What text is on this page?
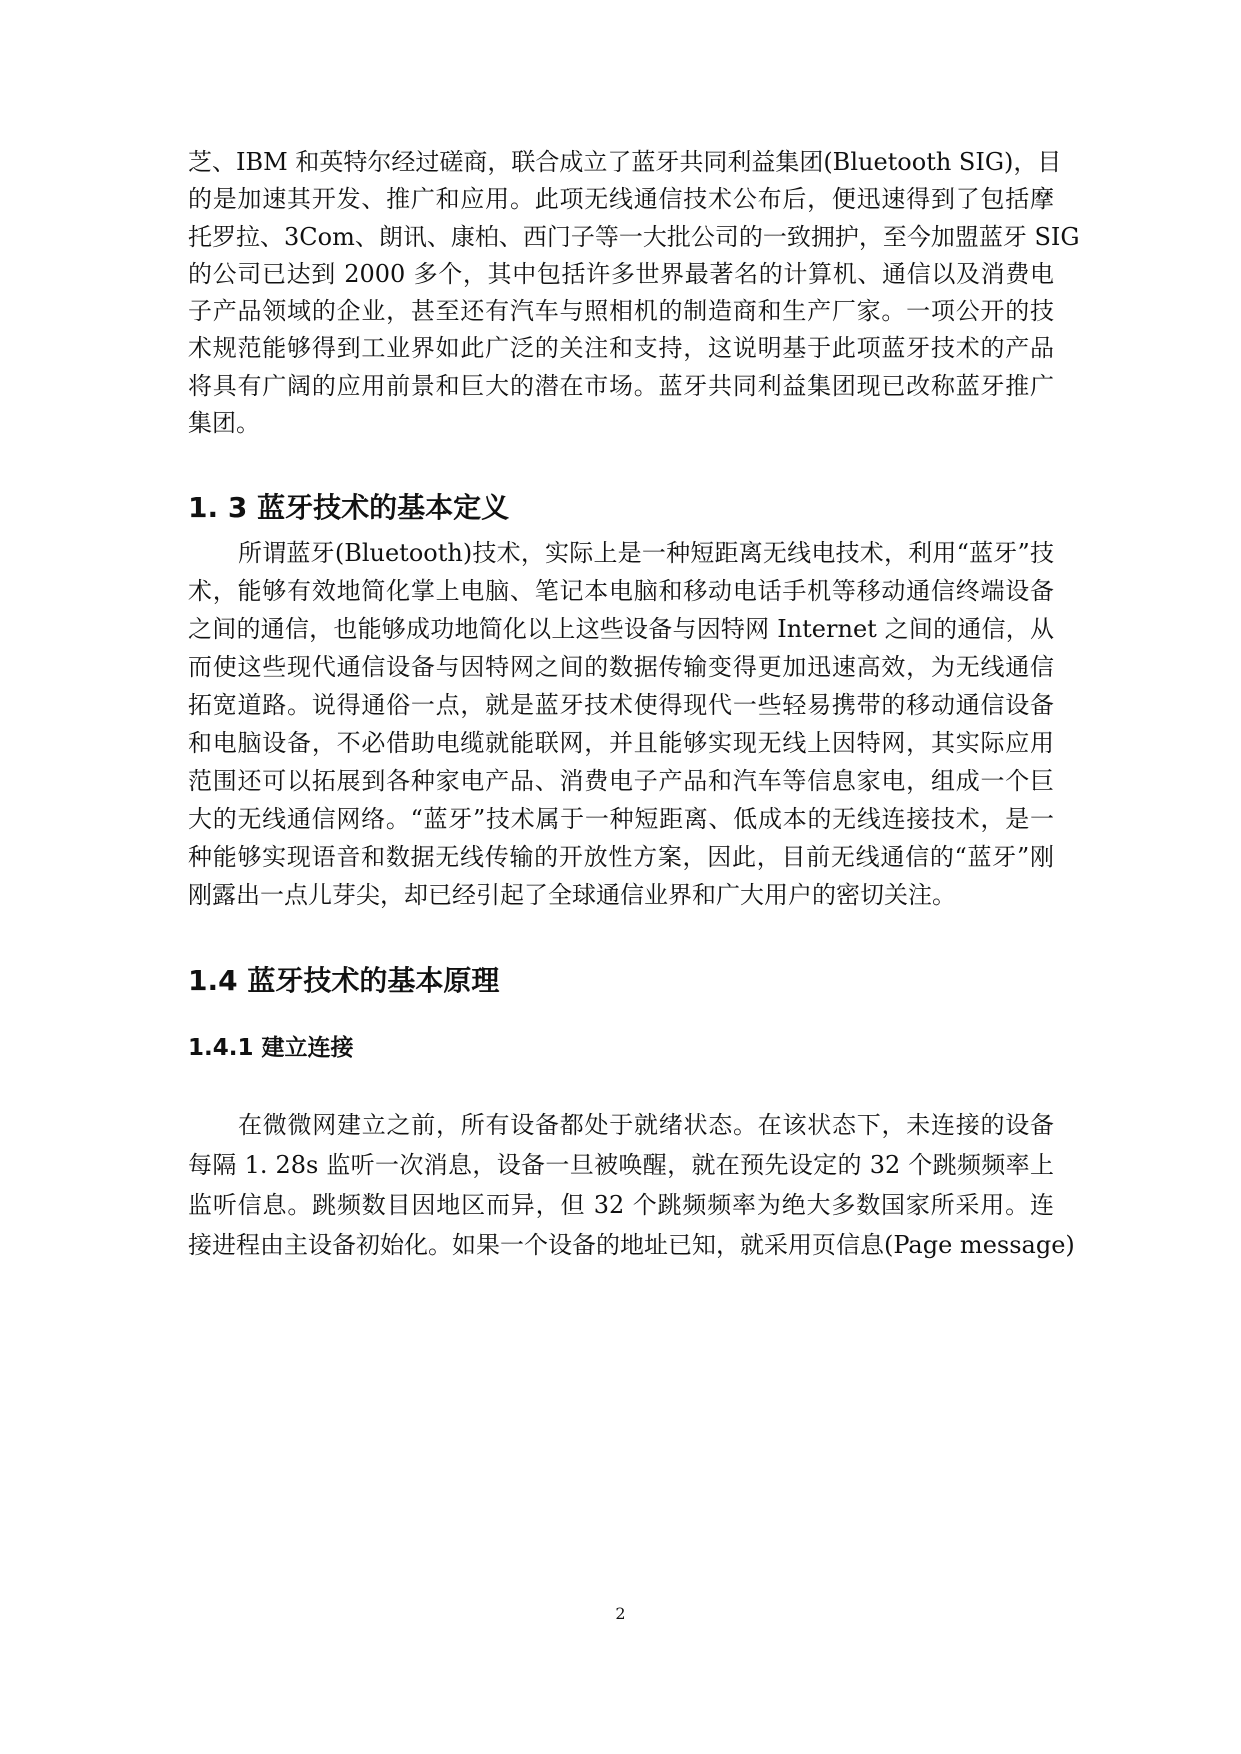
芝、IBM 和英特尔经过磋商，联合成立了蓝牙共同利益集团(Bluetooth SIG)，目
的是加速其开发、推广和应用。此项无线通信技术公布后，便迅速得到了包括摩
托罗拉、3Com、朗讯、康柏、西门子等一大批公司的一致拥护，至今加盟蓝牙 SIG
的公司已达到 2000 多个，其中包括许多世界最著名的计算机、通信以及消费电
子产品领域的企业，甚至还有汽车与照相机的制造商和生产厂家。一项公开的技
术规范能够得到工业界如此广泛的关注和支持，这说明基于此项蓝牙技术的产品
将具有广阔的应用前景和巨大的潜在市场。蓝牙共同利益集团现已改称蓝牙推广
集团。
1. 3 蓝牙技术的基本定义
所谓蓝牙(Bluetooth)技术，实际上是一种短距离无线电技术，利用“蓝牙”技
术，能够有效地简化掌上电脑、笔记本电脑和移动电话手机等移动通信终端设备
之间的通信，也能够成功地简化以上这些设备与因特网 Internet 之间的通信，从
而使这些现代通信设备与因特网之间的数据传输变得更加迅速高效，为无线通信
拓宽道路。说得通俗一点，就是蓝牙技术使得现代一些轻易携带的移动通信设备
和电脑设备，不必借助电缆就能联网，并且能够实现无线上因特网，其实际应用
范围还可以拓展到各种家电产品、消费电子产品和汽车等信息家电，组成一个巨
大的无线通信网络。“蓝牙”技术属于一种短距离、低成本的无线连接技术，是一
种能够实现语音和数据无线传输的开放性方案，因此，目前无线通信的“蓝牙”刚
刚露出一点儿芽尖，却已经引起了全球通信业界和广大用户的密切关注。
1.4 蓝牙技术的基本原理
1.4.1 建立连接
在微微网建立之前，所有设备都处于就绪状态。在该状态下，未连接的设备
每隔 1. 28s 监听一次消息，设备一旦被唤醒，就在预先设定的 32 个跳频频率上
监听信息。跳频数目因地区而异，但 32 个跳频频率为绝大多数国家所采用。连
接进程由主设备初始化。如果一个设备的地址已知，就采用页信息(Page message)
2
